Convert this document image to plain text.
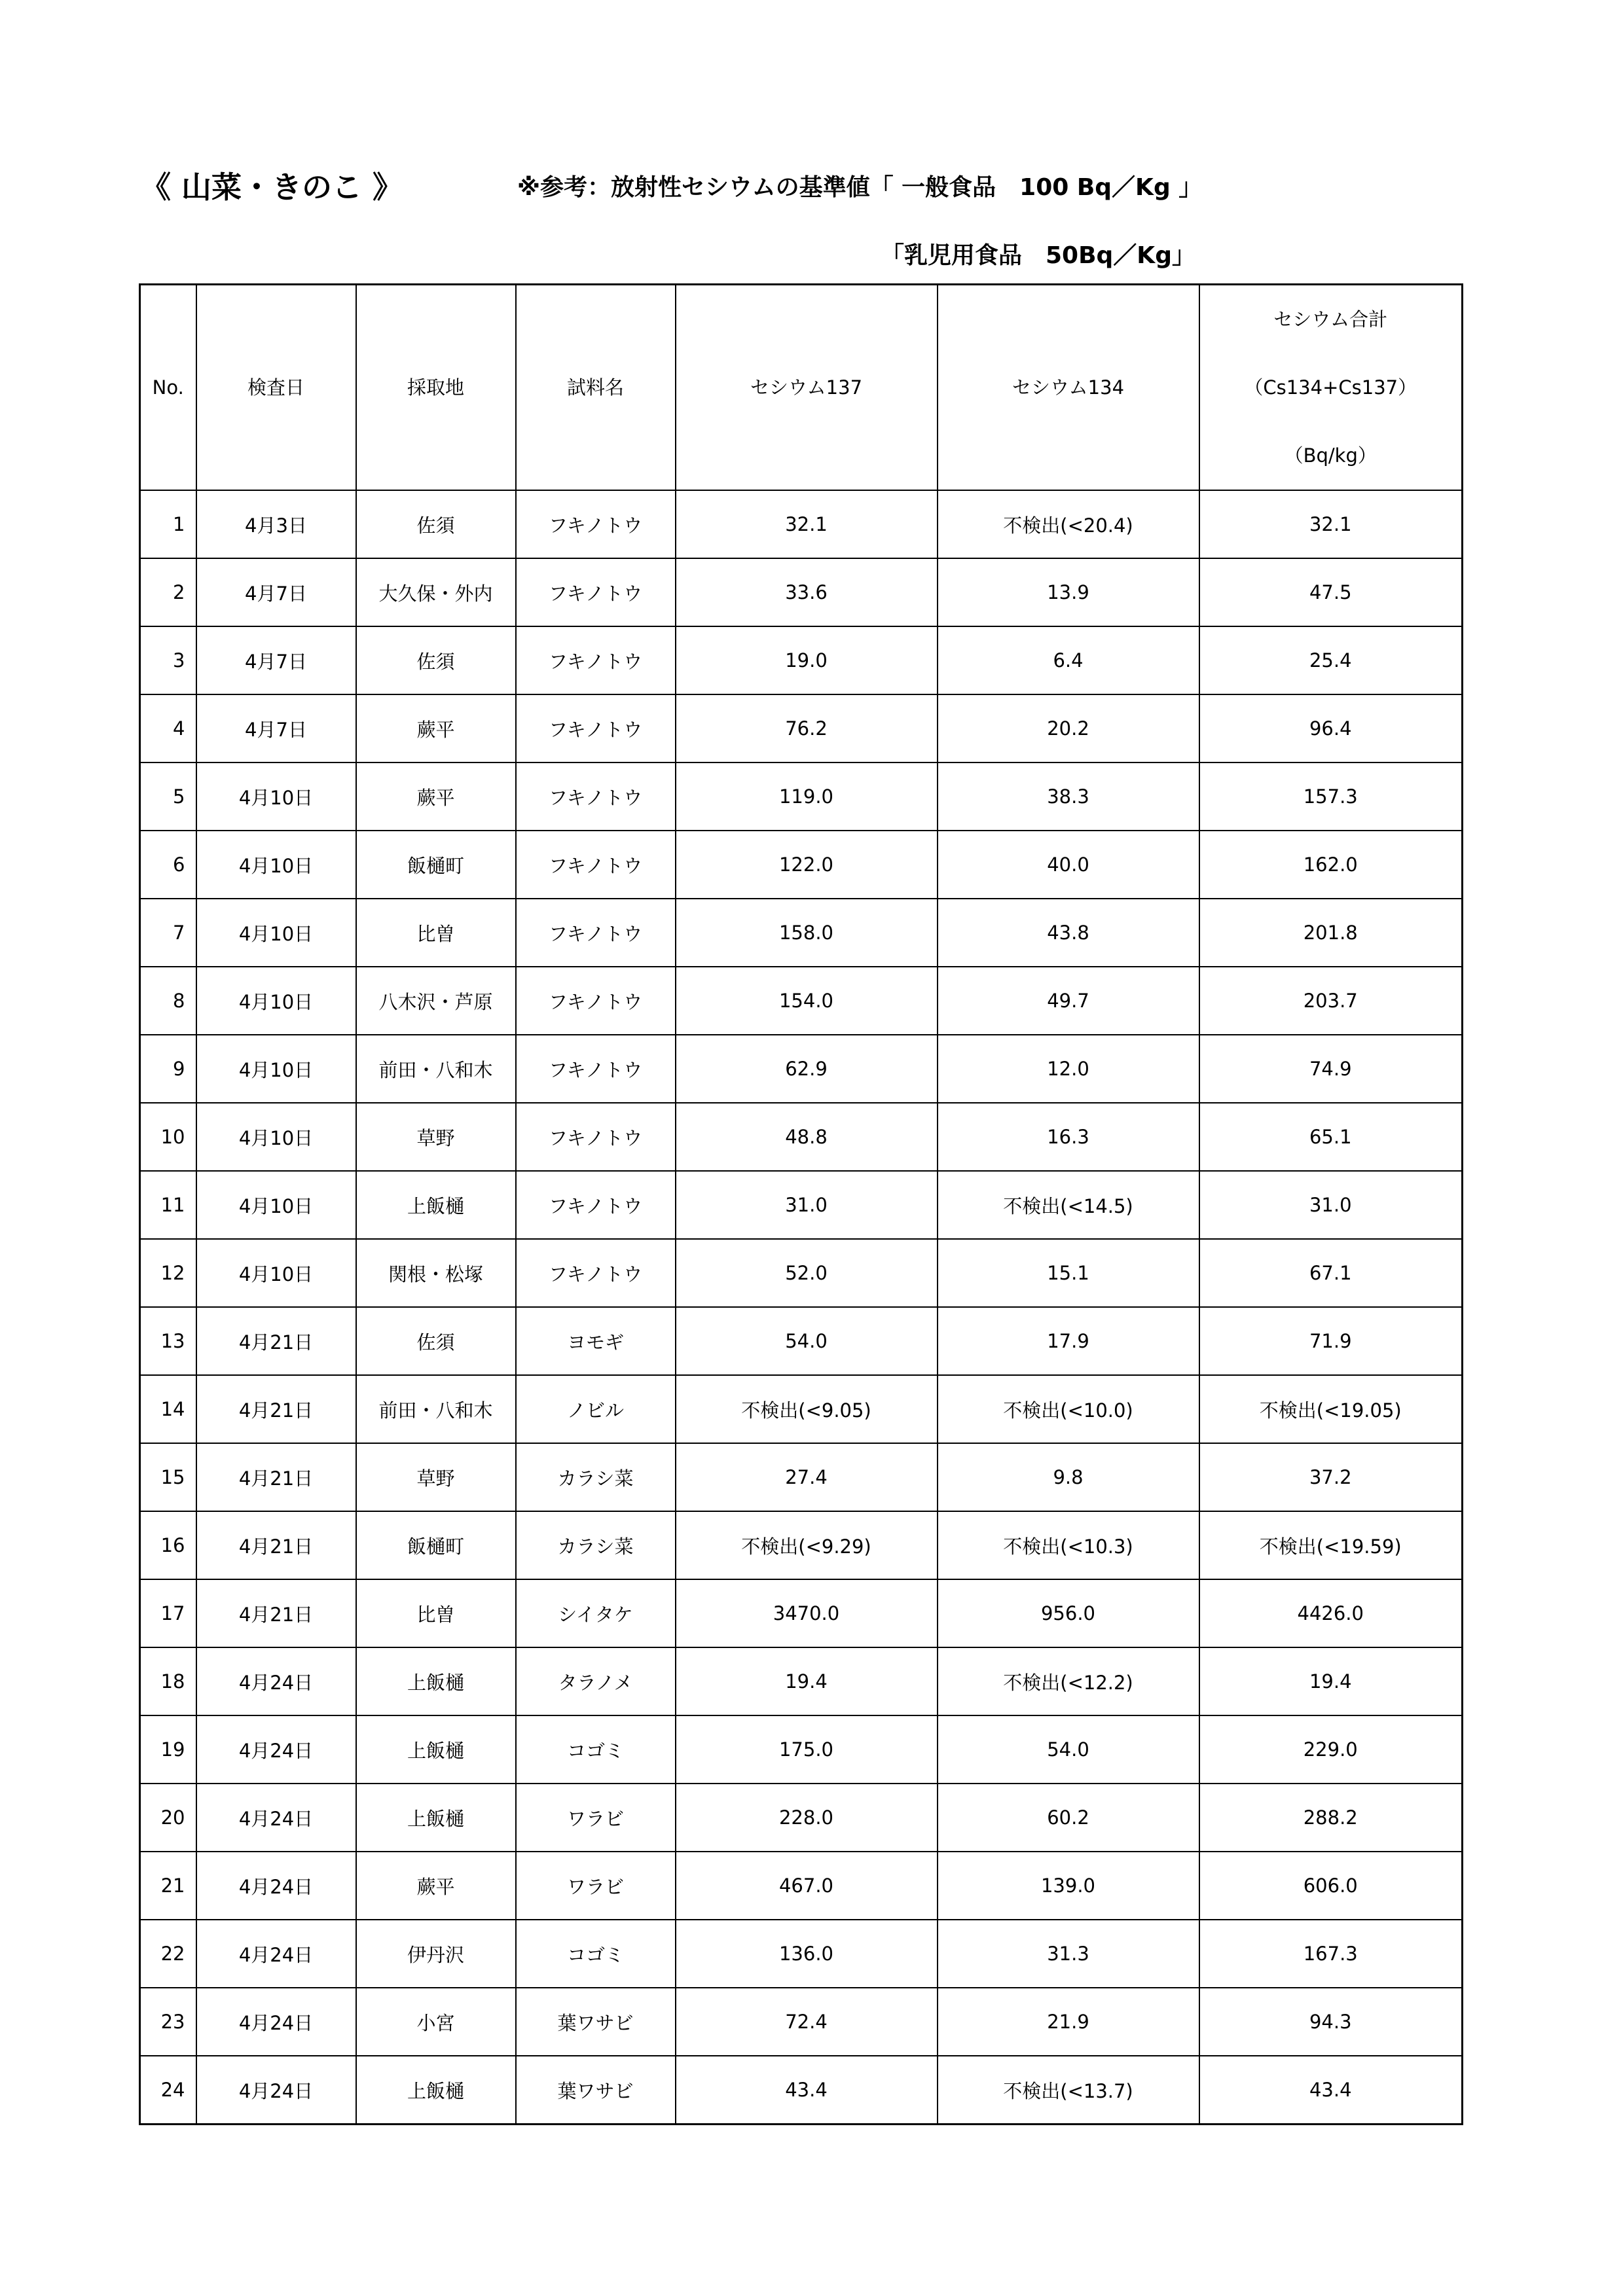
《 山菜・きのこ 》	※参考：放射性セシウムの基準値「 一般食品　100 Bq／Kg 」
「乳児用食品　50Bq／Kg」
No.	検査日	採取地	試料名	セシウム137	セシウム134	セシウム合計
（Cs134+Cs137）
（Bq/kg）

1	4月3日	佐須	フキノトウ	32.1	不検出(<20.4)	32.1
2	4月7日	大久保・外内	フキノトウ	33.6	13.9	47.5
3	4月7日	佐須	フキノトウ	19.0	6.4	25.4
4	4月7日	蕨平	フキノトウ	76.2	20.2	96.4
5	4月10日	蕨平	フキノトウ	119.0	38.3	157.3
6	4月10日	飯樋町	フキノトウ	122.0	40.0	162.0
7	4月10日	比曽	フキノトウ	158.0	43.8	201.8
8	4月10日	八木沢・芦原	フキノトウ	154.0	49.7	203.7
9	4月10日	前田・八和木	フキノトウ	62.9	12.0	74.9
10	4月10日	草野	フキノトウ	48.8	16.3	65.1
11	4月10日	上飯樋	フキノトウ	31.0	不検出(<14.5)	31.0
12	4月10日	関根・松塚	フキノトウ	52.0	15.1	67.1
13	4月21日	佐須	ヨモギ	54.0	17.9	71.9
14	4月21日	前田・八和木	ノビル	不検出(<9.05)	不検出(<10.0)	不検出(<19.05)
15	4月21日	草野	カラシ菜	27.4	9.8	37.2
16	4月21日	飯樋町	カラシ菜	不検出(<9.29)	不検出(<10.3)	不検出(<19.59)
17	4月21日	比曽	シイタケ	3470.0	956.0	4426.0
18	4月24日	上飯樋	タラノメ	19.4	不検出(<12.2)	19.4
19	4月24日	上飯樋	コゴミ	175.0	54.0	229.0
20	4月24日	上飯樋	ワラビ	228.0	60.2	288.2
21	4月24日	蕨平	ワラビ	467.0	139.0	606.0
22	4月24日	伊丹沢	コゴミ	136.0	31.3	167.3
23	4月24日	小宮	葉ワサビ	72.4	21.9	94.3
24	4月24日	上飯樋	葉ワサビ	43.4	不検出(<13.7)	43.4
